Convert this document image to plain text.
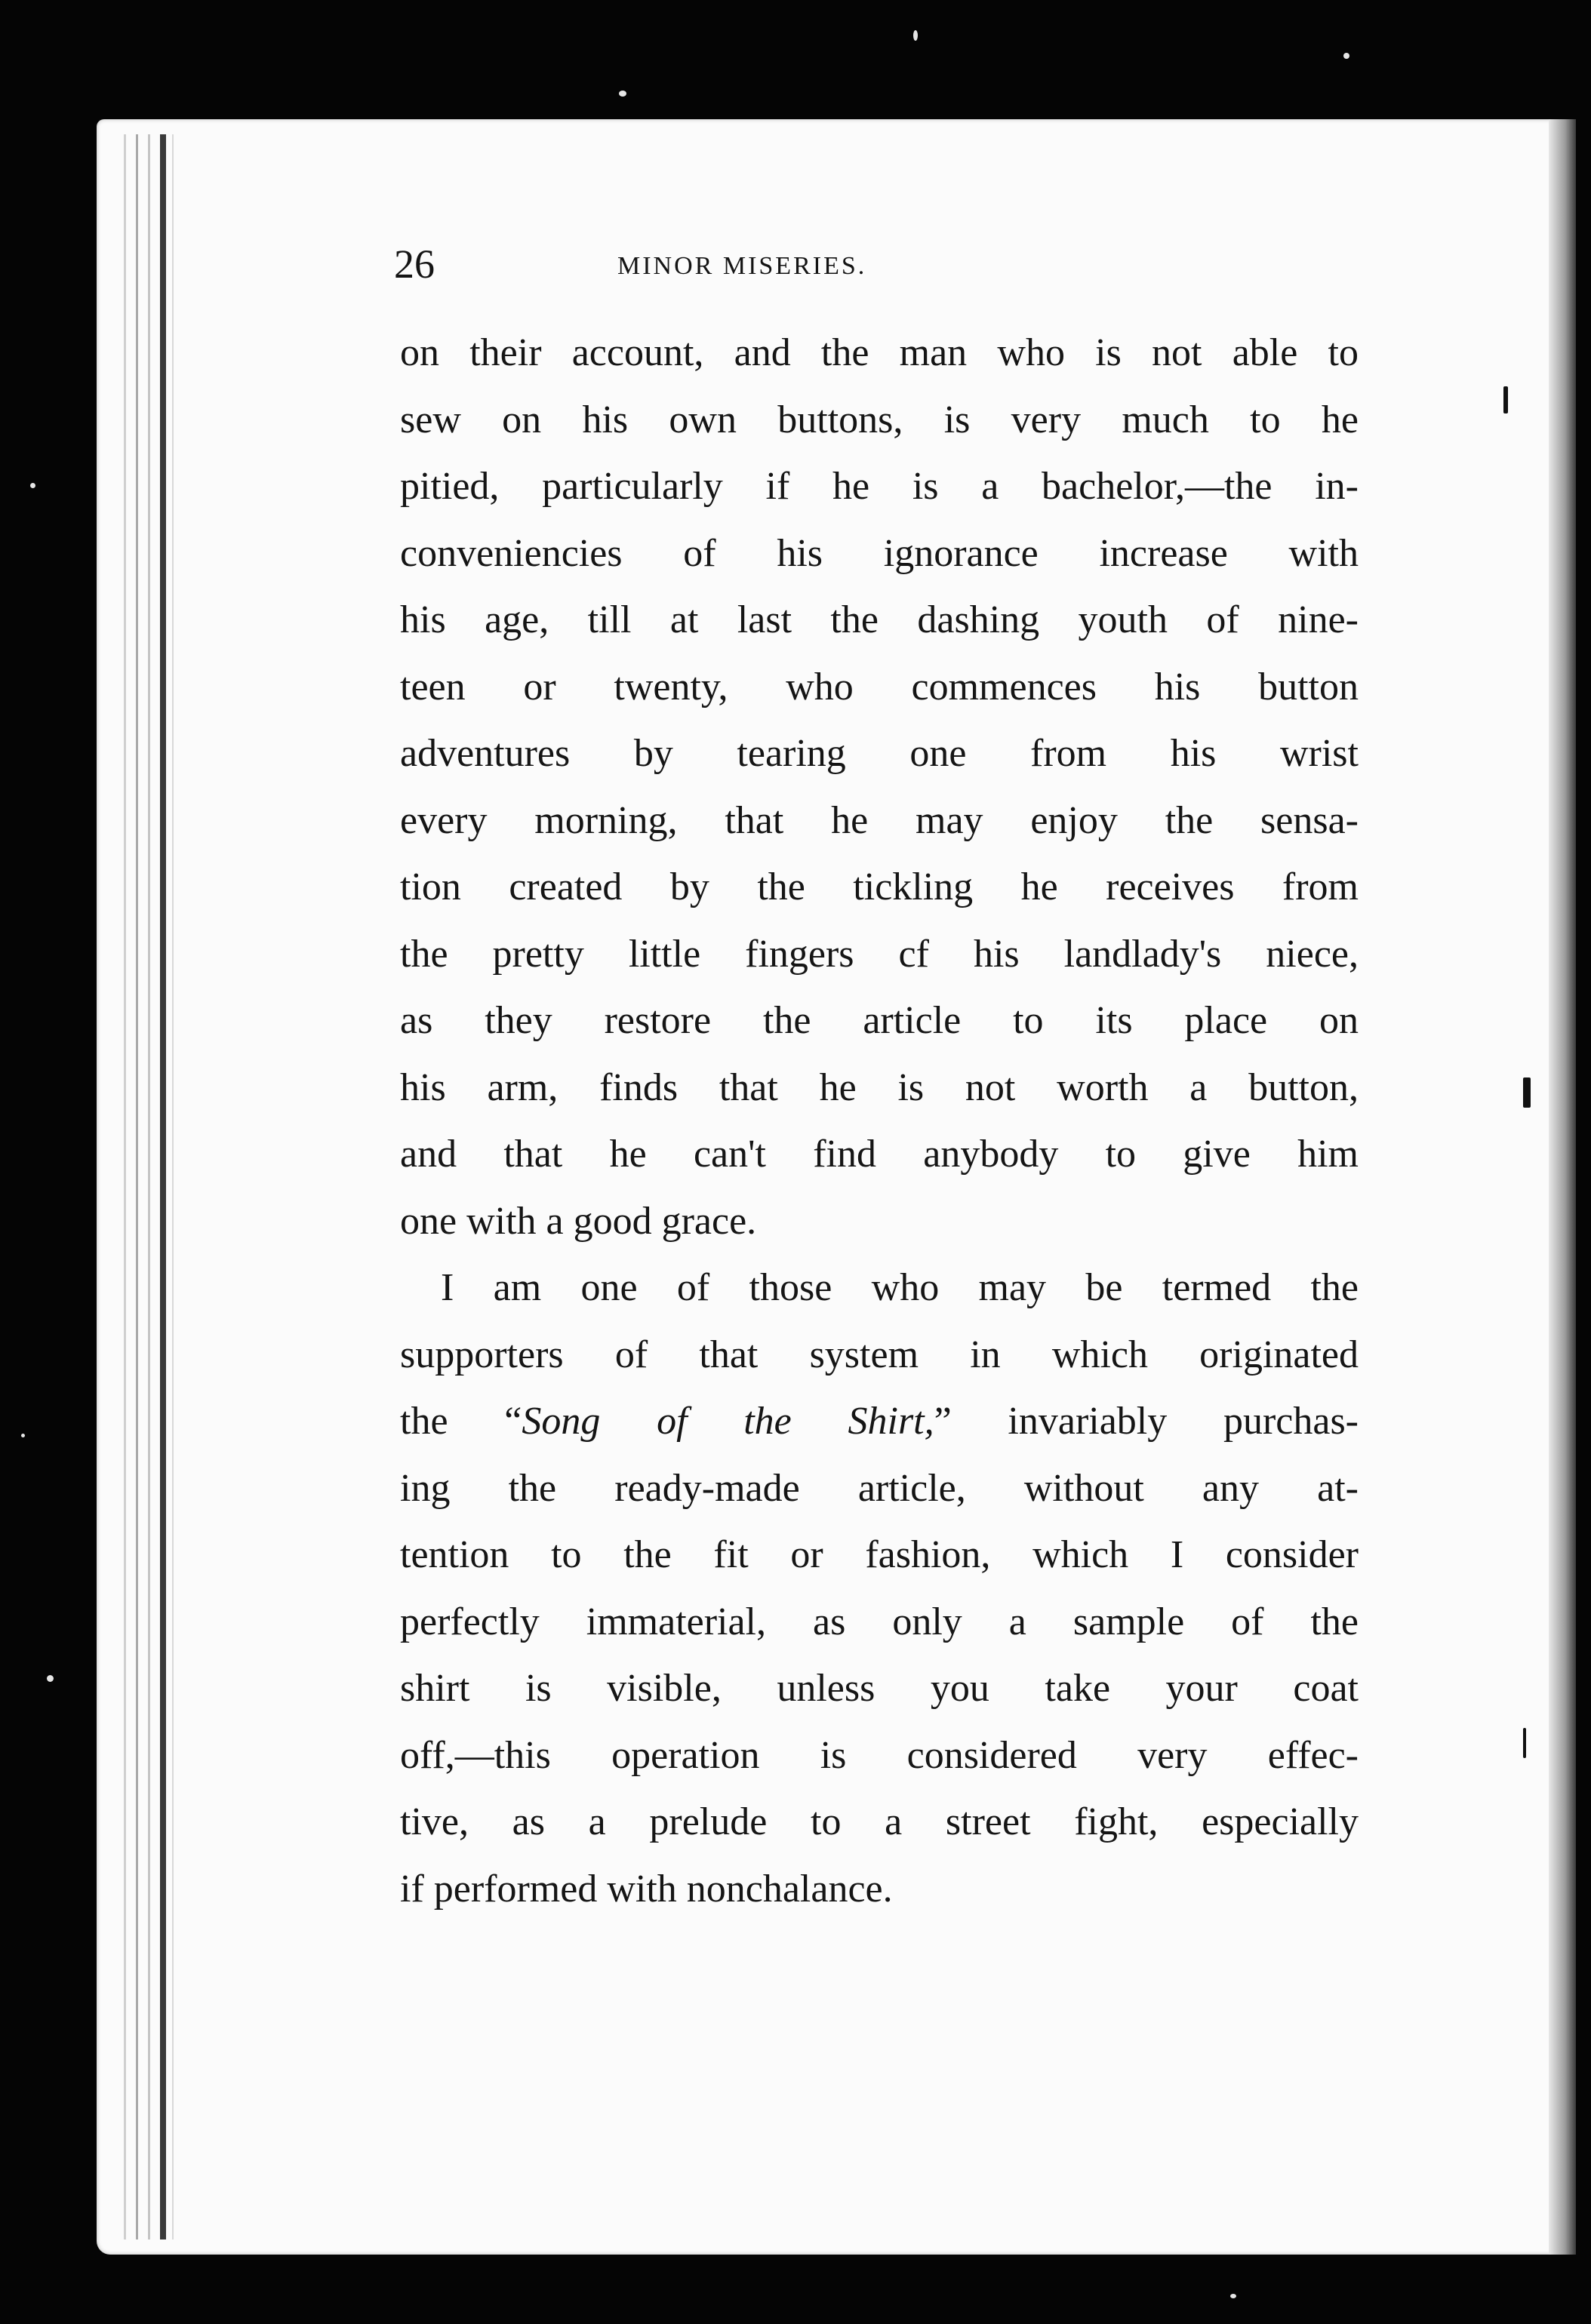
26	MINOR MISERIES.
on their account, and the man who is not able to
sew on his own buttons, is very much to he
pitied, particularly if he is a bachelor,—the in-
conveniencies of his ignorance increase with
his age, till at last the dashing youth of nine-
teen or twenty, who commences his button
adventures by tearing one from his wrist
every morning, that he may enjoy the sensa-
tion created by the tickling he receives from
the pretty little fingers cf his landlady's niece,
as they restore the article to its place on
his arm, finds that he is not worth a button,
and that he can't find anybody to give him
one with a good grace.
I am one of those who may be termed the
supporters of that system in which originated
the “Song of the Shirt,” invariably purchas-
ing the ready-made article, without any at-
tention to the fit or fashion, which I consider
perfectly immaterial, as only a sample of the
shirt is visible, unless you take your coat
off,—this operation is considered very effec-
tive, as a prelude to a street fight, especially
if performed with nonchalance.
